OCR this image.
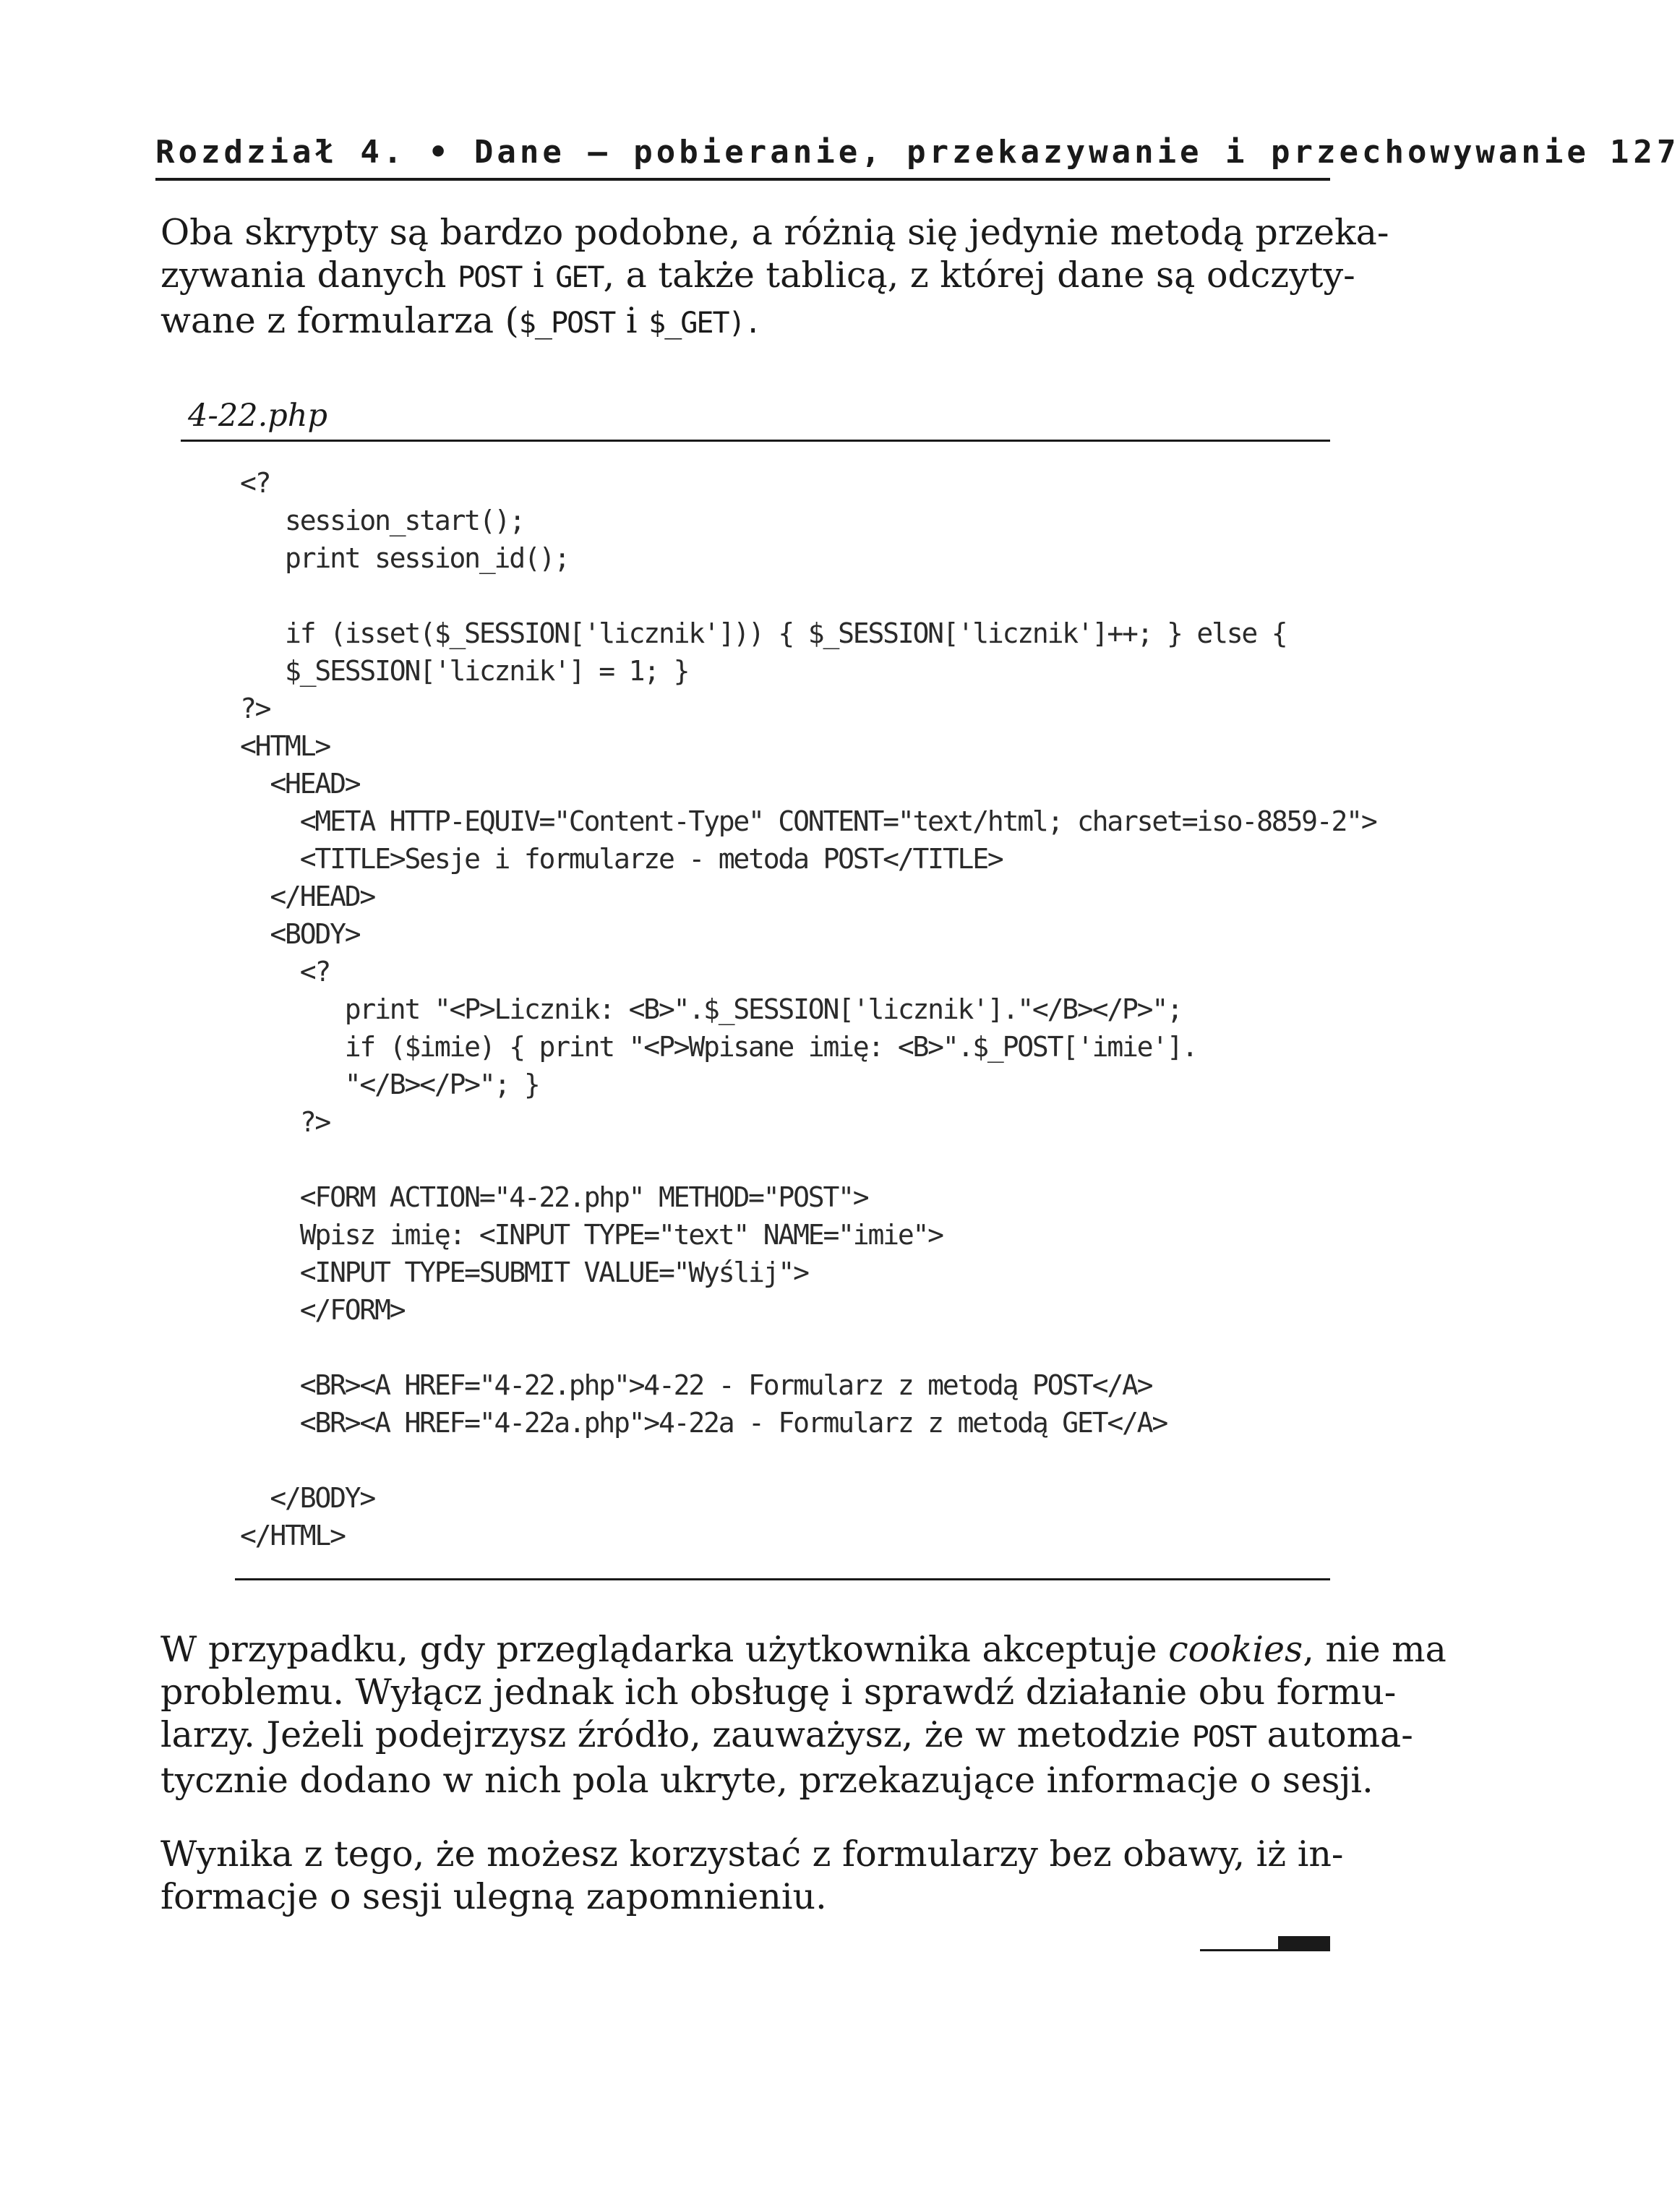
Rozdział 4. • Dane — pobieranie, przekazywanie i przechowywanie 127

Oba skrypty są bardzo podobne, a różnią się jedynie metodą przeka-
zywania danych POST i GET, a także tablicą, z której dane są odczyty-
wane z formularza ($_POST i $_GET).

4-22.php
<?
session_start();
print session_id();
if (isset($_SESSION['licznik'])) { $_SESSION['licznik']++; } else {
$_SESSION['licznik'] = 1; }
?>
<HTML>
<HEAD>
<META HTTP-EQUIV="Content-Type" CONTENT="text/html; charset=iso-8859-2">
<TITLE>Sesje i formularze - metoda POST</TITLE>
</HEAD>
<BODY>
<?
print "<P>Licznik: <B>".$_SESSION['licznik']."</B></P>";
if ($imie) { print "<P>Wpisane imię: <B>".$_POST['imie'].
"</B></P>"; }
?>
<FORM ACTION="4-22.php" METHOD="POST">
Wpisz imię: <INPUT TYPE="text" NAME="imie">
<INPUT TYPE=SUBMIT VALUE="Wyślij">
</FORM>
<BR><A HREF="4-22.php">4-22 - Formularz z metodą POST</A>
<BR><A HREF="4-22a.php">4-22a - Formularz z metodą GET</A>
</BODY>
</HTML>

W przypadku, gdy przeglądarka użytkownika akceptuje cookies, nie ma
problemu. Wyłącz jednak ich obsługę i sprawdź działanie obu formu-
larzy. Jeżeli podejrzysz źródło, zauważysz, że w metodzie POST automa-
tycznie dodano w nich pola ukryte, przekazujące informacje o sesji.

Wynika z tego, że możesz korzystać z formularzy bez obawy, iż in-
formacje o sesji ulegną zapomnieniu.
